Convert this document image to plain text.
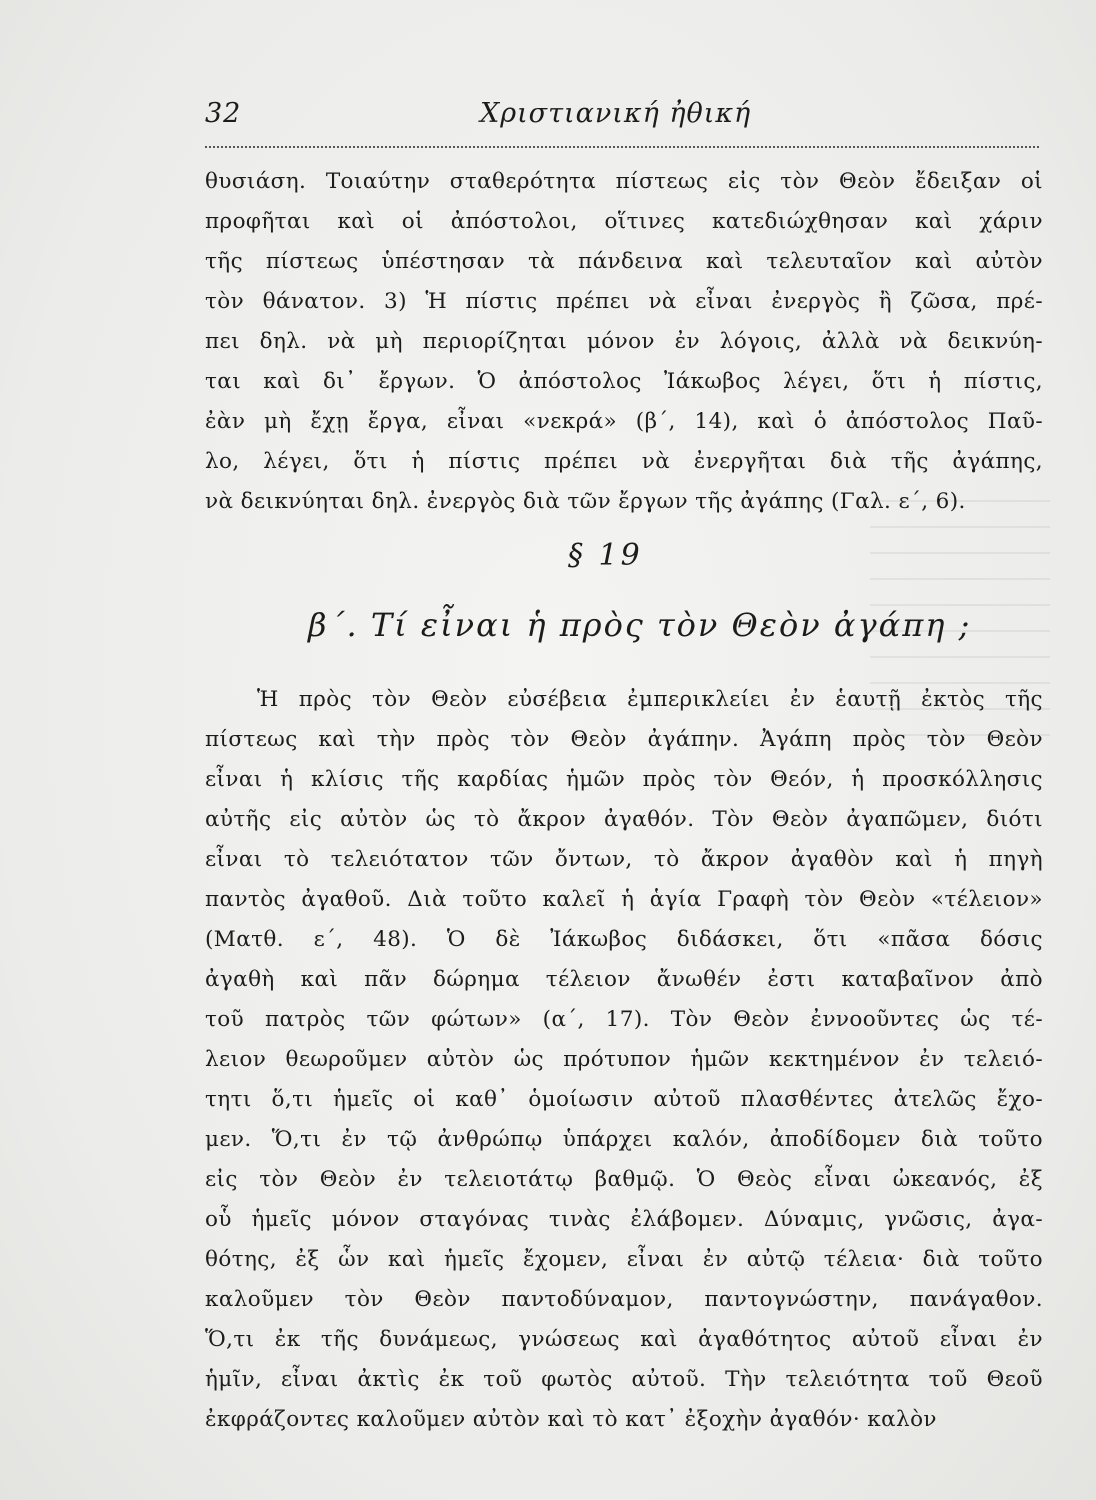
32	Χριστιανική ἠθική
θυσιάση. Τοιαύτην σταθερότητα πίστεως εἰς τὸν Θεὸν ἔδειξαν οἱ
προφῆται καὶ οἱ ἀπόστολοι, οἵτινες κατεδιώχθησαν καὶ χάριν
τῆς πίστεως ὑπέστησαν τὰ πάνδεινα καὶ τελευταῖον καὶ αὐτὸν
τὸν θάνατον. 3) Ἡ πίστις πρέπει νὰ εἶναι ἐνεργὸς ἢ ζῶσα, πρέ-
πει δηλ. νὰ μὴ περιορίζηται μόνον ἐν λόγοις, ἀλλὰ νὰ δεικνύη-
ται καὶ δι᾿ ἔργων. Ὁ ἀπόστολος Ἰάκωβος λέγει, ὅτι ἡ πίστις,
ἐὰν μὴ ἔχῃ ἔργα, εἶναι «νεκρά» (β΄, 14), καὶ ὁ ἀπόστολος Παῦ-
λο, λέγει, ὅτι ἡ πίστις πρέπει νὰ ἐνεργῆται διὰ τῆς ἀγάπης,
νὰ δεικνύηται δηλ. ἐνεργὸς διὰ τῶν ἔργων τῆς ἀγάπης (Γαλ. ε΄, 6).
§ 19
β΄. Τί εἶναι ἡ πρὸς τὸν Θεὸν ἀγάπη ;
Ἡ πρὸς τὸν Θεὸν εὐσέβεια ἐμπερικλείει ἐν ἑαυτῇ ἐκτὸς τῆς
πίστεως καὶ τὴν πρὸς τὸν Θεὸν ἀγάπην. Ἀγάπη πρὸς τὸν Θεὸν
εἶναι ἡ κλίσις τῆς καρδίας ἡμῶν πρὸς τὸν Θεόν, ἡ προσκόλλησις
αὐτῆς εἰς αὐτὸν ὡς τὸ ἄκρον ἀγαθόν. Τὸν Θεὸν ἀγαπῶμεν, διότι
εἶναι τὸ τελειότατον τῶν ὄντων, τὸ ἄκρον ἀγαθὸν καὶ ἡ πηγὴ
παντὸς ἀγαθοῦ. Διὰ τοῦτο καλεῖ ἡ ἁγία Γραφὴ τὸν Θεὸν «τέλειον»
(Ματθ. ε΄, 48). Ὁ δὲ Ἰάκωβος διδάσκει, ὅτι «πᾶσα δόσις
ἀγαθὴ καὶ πᾶν δώρημα τέλειον ἄνωθέν ἐστι καταβαῖνον ἀπὸ
τοῦ πατρὸς τῶν φώτων» (α΄, 17). Τὸν Θεὸν ἐννοοῦντες ὡς τέ-
λειον θεωροῦμεν αὐτὸν ὡς πρότυπον ἡμῶν κεκτημένον ἐν τελειό-
τητι ὅ,τι ἡμεῖς οἱ καθ᾿ ὁμοίωσιν αὐτοῦ πλασθέντες ἀτελῶς ἔχο-
μεν. Ὅ,τι ἐν τῷ ἀνθρώπῳ ὑπάρχει καλόν, ἀποδίδομεν διὰ τοῦτο
εἰς τὸν Θεὸν ἐν τελειοτάτῳ βαθμῷ. Ὁ Θεὸς εἶναι ὠκεανός, ἐξ
οὗ ἡμεῖς μόνον σταγόνας τινὰς ἐλάβομεν. Δύναμις, γνῶσις, ἀγα-
θότης, ἐξ ὧν καὶ ἡμεῖς ἔχομεν, εἶναι ἐν αὐτῷ τέλεια· διὰ τοῦτο
καλοῦμεν τὸν Θεὸν παντοδύναμον, παντογνώστην, πανάγαθον.
Ὅ,τι ἐκ τῆς δυνάμεως, γνώσεως καὶ ἀγαθότητος αὐτοῦ εἶναι ἐν
ἡμῖν, εἶναι ἀκτὶς ἐκ τοῦ φωτὸς αὐτοῦ. Τὴν τελειότητα τοῦ Θεοῦ
ἐκφράζοντες καλοῦμεν αὐτὸν καὶ τὸ κατ᾿ ἐξοχὴν ἀγαθόν· καλὸν
